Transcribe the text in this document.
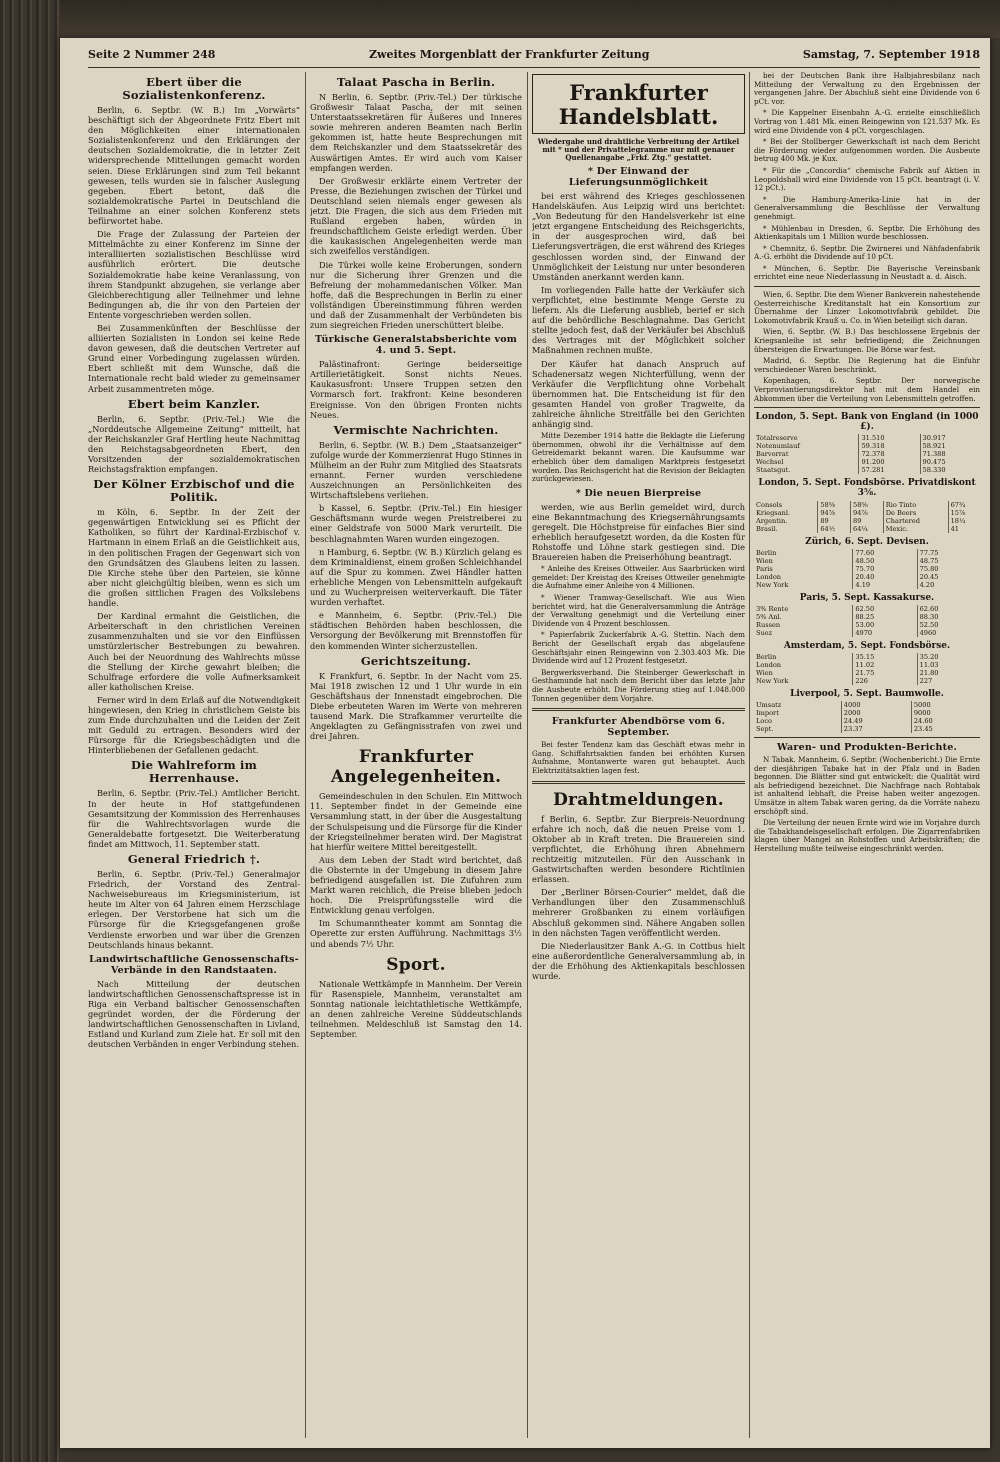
Seite 2 Nummer 248	Zweites Morgenblatt der Frankfurter Zeitung	Samstag, 7. September 1918
Ebert über die Sozialistenkonferenz.

Berlin, 6. Septbr. (W. B.) Im „Vorwärts“ beschäftigt sich der Abgeordnete Fritz Ebert mit den Möglichkeiten einer internationalen Sozialistenkonferenz und den Erklärungen der deutschen Sozialdemokratie, die in letzter Zeit widersprechende Mitteilungen gemacht worden seien. Diese Erklärungen sind zum Teil bekannt gewesen, teils wurden sie in falscher Auslegung gegeben. Ebert betont, daß die sozialdemokratische Partei in Deutschland die Teilnahme an einer solchen Konferenz stets befürwortet habe.

Die Frage der Zulassung der Parteien der Mittelmächte zu einer Konferenz im Sinne der interalliierten sozialistischen Beschlüsse wird ausführlich erörtert. Die deutsche Sozialdemokratie habe keine Veranlassung, von ihrem Standpunkt abzugehen, sie verlange aber Gleichberechtigung aller Teilnehmer und lehne Bedingungen ab, die ihr von den Parteien der Entente vorgeschrieben werden sollen.

Bei Zusammenkünften der Beschlüsse der alliierten Sozialisten in London sei keine Rede davon gewesen, daß die deutschen Vertreter auf Grund einer Vorbedingung zugelassen würden. Ebert schließt mit dem Wunsche, daß die Internationale recht bald wieder zu gemeinsamer Arbeit zusammentreten möge.

Ebert beim Kanzler.

Berlin, 6. Septbr. (Priv.-Tel.) Wie die „Norddeutsche Allgemeine Zeitung“ mitteilt, hat der Reichskanzler Graf Hertling heute Nachmittag den Reichstagsabgeordneten Ebert, den Vorsitzenden der sozialdemokratischen Reichstagsfraktion empfangen.

Der Kölner Erzbischof und die Politik.

m Köln, 6. Septbr. In der Zeit der gegenwärtigen Entwicklung sei es Pflicht der Katholiken, so führt der Kardinal-Erzbischof v. Hartmann in einem Erlaß an die Geistlichkeit aus, in den politischen Fragen der Gegenwart sich von den Grundsätzen des Glaubens leiten zu lassen. Die Kirche stehe über den Parteien, sie könne aber nicht gleichgültig bleiben, wenn es sich um die großen sittlichen Fragen des Volkslebens handle.

Der Kardinal ermahnt die Geistlichen, die Arbeiterschaft in den christlichen Vereinen zusammenzuhalten und sie vor den Einflüssen umstürzlerischer Bestrebungen zu bewahren. Auch bei der Neuordnung des Wahlrechts müsse die Stellung der Kirche gewahrt bleiben; die Schulfrage erfordere die volle Aufmerksamkeit aller katholischen Kreise.

Ferner wird in dem Erlaß auf die Notwendigkeit hingewiesen, den Krieg in christlichem Geiste bis zum Ende durchzuhalten und die Leiden der Zeit mit Geduld zu ertragen. Besonders wird der Fürsorge für die Kriegsbeschädigten und die Hinterbliebenen der Gefallenen gedacht.

Die Wahlreform im Herrenhause.

Berlin, 6. Septbr. (Priv.-Tel.) Amtlicher Bericht. In der heute in Hof stattgefundenen Gesamtsitzung der Kommission des Herrenhauses für die Wahlrechtsvorlagen wurde die Generaldebatte fortgesetzt. Die Weiterberatung findet am Mittwoch, 11. September statt.

General Friedrich †.

Berlin, 6. Septbr. (Priv.-Tel.) Generalmajor Friedrich, der Vorstand des Zentral-Nachweisebureaus im Kriegsministerium, ist heute im Alter von 64 Jahren einem Herzschlage erlegen. Der Verstorbene hat sich um die Fürsorge für die Kriegsgefangenen große Verdienste erworben und war über die Grenzen Deutschlands hinaus bekannt.

Landwirtschaftliche Genossenschafts-Verbände in den Randstaaten.

Nach Mitteilung der deutschen landwirtschaftlichen Genossenschaftspresse ist in Riga ein Verband baltischer Genossenschaften gegründet worden, der die Förderung der landwirtschaftlichen Genossenschaften in Livland, Estland und Kurland zum Ziele hat. Er soll mit den deutschen Verbänden in enger Verbindung stehen.

Talaat Pascha in Berlin.

N Berlin, 6. Septbr. (Priv.-Tel.) Der türkische Großwesir Talaat Pascha, der mit seinen Unterstaatssekretären für Äußeres und Inneres sowie mehreren anderen Beamten nach Berlin gekommen ist, hatte heute Besprechungen mit dem Reichskanzler und dem Staatssekretär des Auswärtigen Amtes. Er wird auch vom Kaiser empfangen werden.

Der Großwesir erklärte einem Vertreter der Presse, die Beziehungen zwischen der Türkei und Deutschland seien niemals enger gewesen als jetzt. Die Fragen, die sich aus dem Frieden mit Rußland ergeben haben, würden in freundschaftlichem Geiste erledigt werden. Über die kaukasischen Angelegenheiten werde man sich zweifellos verständigen.

Die Türkei wolle keine Eroberungen, sondern nur die Sicherung ihrer Grenzen und die Befreiung der mohammedanischen Völker. Man hoffe, daß die Besprechungen in Berlin zu einer vollständigen Übereinstimmung führen werden und daß der Zusammenhalt der Verbündeten bis zum siegreichen Frieden unerschüttert bleibe.

Türkische Generalstabsberichte vom 4. und 5. Sept.

Palästinafront: Geringe beiderseitige Artillerietätigkeit. Sonst nichts Neues. Kaukasusfront: Unsere Truppen setzen den Vormarsch fort. Irakfront: Keine besonderen Ereignisse. Von den übrigen Fronten nichts Neues.

Vermischte Nachrichten.

Berlin, 6. Septbr. (W. B.) Dem „Staatsanzeiger“ zufolge wurde der Kommerzienrat Hugo Stinnes in Mülheim an der Ruhr zum Mitglied des Staatsrats ernannt. Ferner wurden verschiedene Auszeichnungen an Persönlichkeiten des Wirtschaftslebens verliehen.

b Kassel, 6. Septbr. (Priv.-Tel.) Ein hiesiger Geschäftsmann wurde wegen Preistreiberei zu einer Geldstrafe von 5000 Mark verurteilt. Die beschlagnahmten Waren wurden eingezogen.

n Hamburg, 6. Septbr. (W. B.) Kürzlich gelang es dem Kriminaldienst, einem großen Schleichhandel auf die Spur zu kommen. Zwei Händler hatten erhebliche Mengen von Lebensmitteln aufgekauft und zu Wucherpreisen weiterverkauft. Die Täter wurden verhaftet.

e Mannheim, 6. Septbr. (Priv.-Tel.) Die städtischen Behörden haben beschlossen, die Versorgung der Bevölkerung mit Brennstoffen für den kommenden Winter sicherzustellen.

Gerichtszeitung.

K Frankfurt, 6. Septbr. In der Nacht vom 25. Mai 1918 zwischen 12 und 1 Uhr wurde in ein Geschäftshaus der Innenstadt eingebrochen. Die Diebe erbeuteten Waren im Werte von mehreren tausend Mark. Die Strafkammer verurteilte die Angeklagten zu Gefängnisstrafen von zwei und drei Jahren.

Frankfurter Angelegenheiten.

Gemeindeschulen in den Schulen. Ein Mittwoch 11. September findet in der Gemeinde eine Versammlung statt, in der über die Ausgestaltung der Schulspeisung und die Fürsorge für die Kinder der Kriegsteilnehmer beraten wird. Der Magistrat hat hierfür weitere Mittel bereitgestellt.

Aus dem Leben der Stadt wird berichtet, daß die Obsternte in der Umgebung in diesem Jahre befriedigend ausgefallen ist. Die Zufuhren zum Markt waren reichlich, die Preise blieben jedoch hoch. Die Preisprüfungsstelle wird die Entwicklung genau verfolgen.

Im Schumanntheater kommt am Sonntag die Operette zur ersten Aufführung. Nachmittags 3½ und abends 7½ Uhr.

Sport.

Nationale Wettkämpfe in Mannheim. Der Verein für Rasenspiele, Mannheim, veranstaltet am Sonntag nationale leichtathletische Wettkämpfe, an denen zahlreiche Vereine Süddeutschlands teilnehmen. Meldeschluß ist Samstag den 14. September.

Frankfurter Handelsblatt.
Wiedergabe und drahtliche Verbreitung der Artikel mit * und der Privattelegramme nur mit genauer Quellenangabe „Frkf. Ztg.“ gestattet.
* Der Einwand der Lieferungsunmöglichkeit

bei erst während des Krieges geschlossenen Handelskäufen. Aus Leipzig wird uns berichtet: „Von Bedeutung für den Handelsverkehr ist eine jetzt ergangene Entscheidung des Reichsgerichts, in der ausgesprochen wird, daß bei Lieferungsverträgen, die erst während des Krieges geschlossen worden sind, der Einwand der Unmöglichkeit der Leistung nur unter besonderen Umständen anerkannt werden kann.

Im vorliegenden Falle hatte der Verkäufer sich verpflichtet, eine bestimmte Menge Gerste zu liefern. Als die Lieferung ausblieb, berief er sich auf die behördliche Beschlagnahme. Das Gericht stellte jedoch fest, daß der Verkäufer bei Abschluß des Vertrages mit der Möglichkeit solcher Maßnahmen rechnen mußte.

Der Käufer hat danach Anspruch auf Schadenersatz wegen Nichterfüllung, wenn der Verkäufer die Verpflichtung ohne Vorbehalt übernommen hat. Die Entscheidung ist für den gesamten Handel von großer Tragweite, da zahlreiche ähnliche Streitfälle bei den Gerichten anhängig sind.

Mitte Dezember 1914 hatte die Beklagte die Lieferung übernommen, obwohl ihr die Verhältnisse auf dem Getreidemarkt bekannt waren. Die Kaufsumme war erheblich über dem damaligen Marktpreis festgesetzt worden. Das Reichsgericht hat die Revision der Beklagten zurückgewiesen.

* Die neuen Bierpreise

werden, wie aus Berlin gemeldet wird, durch eine Bekanntmachung des Kriegsernährungsamts geregelt. Die Höchstpreise für einfaches Bier sind erheblich heraufgesetzt worden, da die Kosten für Rohstoffe und Löhne stark gestiegen sind. Die Brauereien haben die Preiserhöhung beantragt.

* Anleihe des Kreises Ottweiler. Aus Saarbrücken wird gemeldet: Der Kreistag des Kreises Ottweiler genehmigte die Aufnahme einer Anleihe von 4 Millionen.

* Wiener Tramway-Gesellschaft. Wie aus Wien berichtet wird, hat die Generalversammlung die Anträge der Verwaltung genehmigt und die Verteilung einer Dividende von 4 Prozent beschlossen.

* Papierfabrik Zuckerfabrik A.-G. Stettin. Nach dem Bericht der Gesellschaft ergab das abgelaufene Geschäftsjahr einen Reingewinn von 2.303.403 Mk. Die Dividende wird auf 12 Prozent festgesetzt.

Bergwerksverband. Die Steinberger Gewerkschaft in Gesthamunde hat nach dem Bericht über das letzte Jahr die Ausbeute erhöht. Die Förderung stieg auf 1.048.000 Tonnen gegenüber dem Vorjahre.

Frankfurter Abendbörse vom 6. September.

Bei fester Tendenz kam das Geschäft etwas mehr in Gang. Schiffahrtsaktien fanden bei erhöhten Kursen Aufnahme, Montanwerte waren gut behauptet. Auch Elektrizitätsaktien lagen fest.

Drahtmeldungen.

f Berlin, 6. Septbr. Zur Bierpreis-Neuordnung erfahre ich noch, daß die neuen Preise vom 1. Oktober ab in Kraft treten. Die Brauereien sind verpflichtet, die Erhöhung ihren Abnehmern rechtzeitig mitzuteilen. Für den Ausschank in Gastwirtschaften werden besondere Richtlinien erlassen.

Der „Berliner Börsen-Courier“ meldet, daß die Verhandlungen über den Zusammenschluß mehrerer Großbanken zu einem vorläufigen Abschluß gekommen sind. Nähere Angaben sollen in den nächsten Tagen veröffentlicht werden.

Die Niederlausitzer Bank A.-G. in Cottbus hielt eine außerordentliche Generalversammlung ab, in der die Erhöhung des Aktienkapitals beschlossen wurde.

bei der Deutschen Bank ihre Halbjahresbilanz nach Mitteilung der Verwaltung zu den Ergebnissen der vergangenen Jahre. Der Abschluß sieht eine Dividende von 6 pCt. vor.

* Die Kappelner Eisenbahn A.-G. erzielte einschließlich Vortrag von 1.481 Mk. einen Reingewinn von 121.537 Mk. Es wird eine Dividende von 4 pCt. vorgeschlagen.

* Bei der Stollberger Gewerkschaft ist nach dem Bericht die Förderung wieder aufgenommen worden. Die Ausbeute betrug 400 Mk. je Kux.

* Für die „Concordia“ chemische Fabrik auf Aktien in Leopoldshall wird eine Dividende von 15 pCt. beantragt (i. V. 12 pCt.).

* Die Hamburg-Amerika-Linie hat in der Generalversammlung die Beschlüsse der Verwaltung genehmigt.

* Mühlenbau in Dresden, 6. Septbr. Die Erhöhung des Aktienkapitals um 1 Million wurde beschlossen.

* Chemnitz, 6. Septbr. Die Zwirnerei und Nähfadenfabrik A.-G. erhöht die Dividende auf 10 pCt.

* München, 6. Septbr. Die Bayerische Vereinsbank errichtet eine neue Niederlassung in Neustadt a. d. Aisch.

Wien, 6. Septbr. Die dem Wiener Bankverein nahestehende Oesterreichische Kreditanstalt hat ein Konsortium zur Übernahme der Linzer Lokomotivfabrik gebildet. Die Lokomotivfabrik Krauß u. Co. in Wien beteiligt sich daran.

Wien, 6. Septbr. (W. B.) Das beschlossene Ergebnis der Kriegsanleihe ist sehr befriedigend; die Zeichnungen übersteigen die Erwartungen. Die Börse war fest.

Madrid, 6. Septbr. Die Regierung hat die Einfuhr verschiedener Waren beschränkt.

Kopenhagen, 6. Septbr. Der norwegische Verproviantierungsdirektor hat mit dem Handel ein Abkommen über die Verteilung von Lebensmitteln getroffen.

London, 5. Sept. Bank von England (in 1000 £).
Totalreserve	31.510	30.917
Notenumlauf	59.318	58.921
Barvorrat	72.378	71.388
Wechsel	91.200	90.475
Staatsgut.	57.281	58.330
London, 5. Sept. Fondsbörse. Privatdiskont 3⅝.
Consols	58⅝	58⅝	Rio Tinto	67¾
Kriegsanl.	94⅞	94⅞	De Beers	15⅞
Argentin.	89	89	Chartered	18¼
Brasil.	64½	64¼	Mexic.	41
Zürich, 6. Sept. Devisen.
Berlin	77.60	77.75
Wien	48.50	48.75
Paris	75.70	75.80
London	20.40	20.45
New York	4.19	4.20
Paris, 5. Sept. Kassakurse.
3% Rente	62.50	62.60
5% Anl.	88.25	88.30
Russen	53.00	52.50
Suez	4970	4960
Amsterdam, 5. Sept. Fondsbörse.
Berlin	35.15	35.20
London	11.02	11.03
Wien	21.75	21.80
New York	226	227
Liverpool, 5. Sept. Baumwolle.
Umsatz	4000	5000
Import	2000	9000
Loco	24.49	24.60
Sept.	23.37	23.45
Waren- und Produkten-Berichte.

N Tabak. Mannheim, 6. Septbr. (Wochenbericht.) Die Ernte der diesjährigen Tabake hat in der Pfalz und in Baden begonnen. Die Blätter sind gut entwickelt; die Qualität wird als befriedigend bezeichnet. Die Nachfrage nach Rohtabak ist anhaltend lebhaft, die Preise haben weiter angezogen. Umsätze in altem Tabak waren gering, da die Vorräte nahezu erschöpft sind.

Die Verteilung der neuen Ernte wird wie im Vorjahre durch die Tabakhandelsgesellschaft erfolgen. Die Zigarrenfabriken klagen über Mangel an Rohstoffen und Arbeitskräften; die Herstellung mußte teilweise eingeschränkt werden.
